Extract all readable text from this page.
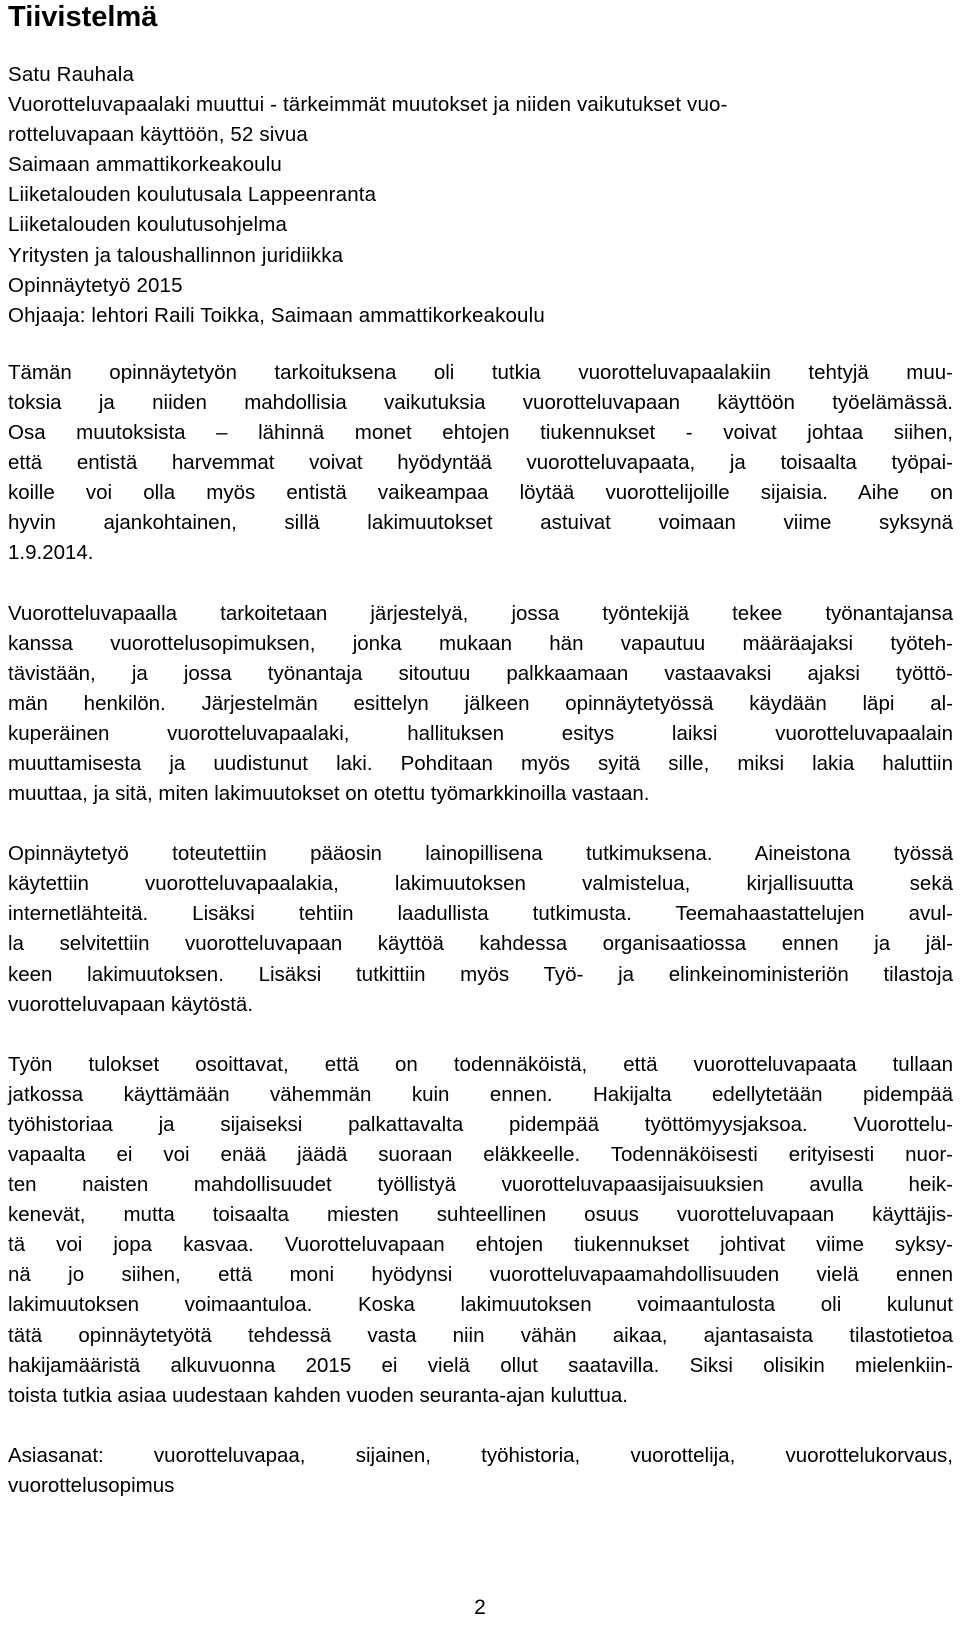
Tiivistelmä
Satu Rauhala
Vuorotteluvapaalaki muuttui - tärkeimmät muutokset ja niiden vaikutukset vuo-
rotteluvapaan käyttöön, 52 sivua
Saimaan ammattikorkeakoulu
Liiketalouden koulutusala Lappeenranta
Liiketalouden koulutusohjelma
Yritysten ja taloushallinnon juridiikka
Opinnäytetyö 2015
Ohjaaja: lehtori Raili Toikka, Saimaan ammattikorkeakoulu
Tämän opinnäytetyön tarkoituksena oli tutkia vuorotteluvapaalakiin tehtyjä muu-
toksia ja niiden mahdollisia vaikutuksia vuorotteluvapaan käyttöön työelämässä.
Osa muutoksista – lähinnä monet ehtojen tiukennukset - voivat johtaa siihen,
että entistä harvemmat voivat hyödyntää vuorotteluvapaata, ja toisaalta työpai-
koille voi olla myös entistä vaikeampaa löytää vuorottelijoille sijaisia. Aihe on
hyvin ajankohtainen, sillä lakimuutokset astuivat voimaan viime syksynä
1.9.2014.
Vuorotteluvapaalla tarkoitetaan järjestelyä, jossa työntekijä tekee työnantajansa
kanssa vuorottelusopimuksen, jonka mukaan hän vapautuu määräajaksi työteh-
tävistään, ja jossa työnantaja sitoutuu palkkaamaan vastaavaksi ajaksi työttö-
män henkilön. Järjestelmän esittelyn jälkeen opinnäytetyössä käydään läpi al-
kuperäinen vuorotteluvapaalaki, hallituksen esitys laiksi vuorotteluvapaalain
muuttamisesta ja uudistunut laki. Pohditaan myös syitä sille, miksi lakia haluttiin
muuttaa, ja sitä, miten lakimuutokset on otettu työmarkkinoilla vastaan.
Opinnäytetyö toteutettiin pääosin lainopillisena tutkimuksena. Aineistona työssä
käytettiin vuorotteluvapaalakia, lakimuutoksen valmistelua, kirjallisuutta sekä
internetlähteitä. Lisäksi tehtiin laadullista tutkimusta. Teemahaastattelujen avul-
la selvitettiin vuorotteluvapaan käyttöä kahdessa organisaatiossa ennen ja jäl-
keen lakimuutoksen. Lisäksi tutkittiin myös Työ- ja elinkeinoministeriön tilastoja
vuorotteluvapaan käytöstä.
Työn tulokset osoittavat, että on todennäköistä, että vuorotteluvapaata tullaan
jatkossa käyttämään vähemmän kuin ennen. Hakijalta edellytetään pidempää
työhistoriaa ja sijaiseksi palkattavalta pidempää työttömyysjaksoa. Vuorottelu-
vapaalta ei voi enää jäädä suoraan eläkkeelle. Todennäköisesti erityisesti nuor-
ten naisten mahdollisuudet työllistyä vuorotteluvapaasijaisuuksien avulla heik-
kenevät, mutta toisaalta miesten suhteellinen osuus vuorotteluvapaan käyttäjis-
tä voi jopa kasvaa. Vuorotteluvapaan ehtojen tiukennukset johtivat viime syksy-
nä jo siihen, että moni hyödynsi vuorotteluvapaamahdollisuuden vielä ennen
lakimuutoksen voimaantuloa. Koska lakimuutoksen voimaantulosta oli kulunut
tätä opinnäytetyötä tehdessä vasta niin vähän aikaa, ajantasaista tilastotietoa
hakijamääristä alkuvuonna 2015 ei vielä ollut saatavilla. Siksi olisikin mielenkiin-
toista tutkia asiaa uudestaan kahden vuoden seuranta-ajan kuluttua.
Asiasanat: vuorotteluvapaa, sijainen, työhistoria, vuorottelija, vuorottelukorvaus,
vuorottelusopimus
2
